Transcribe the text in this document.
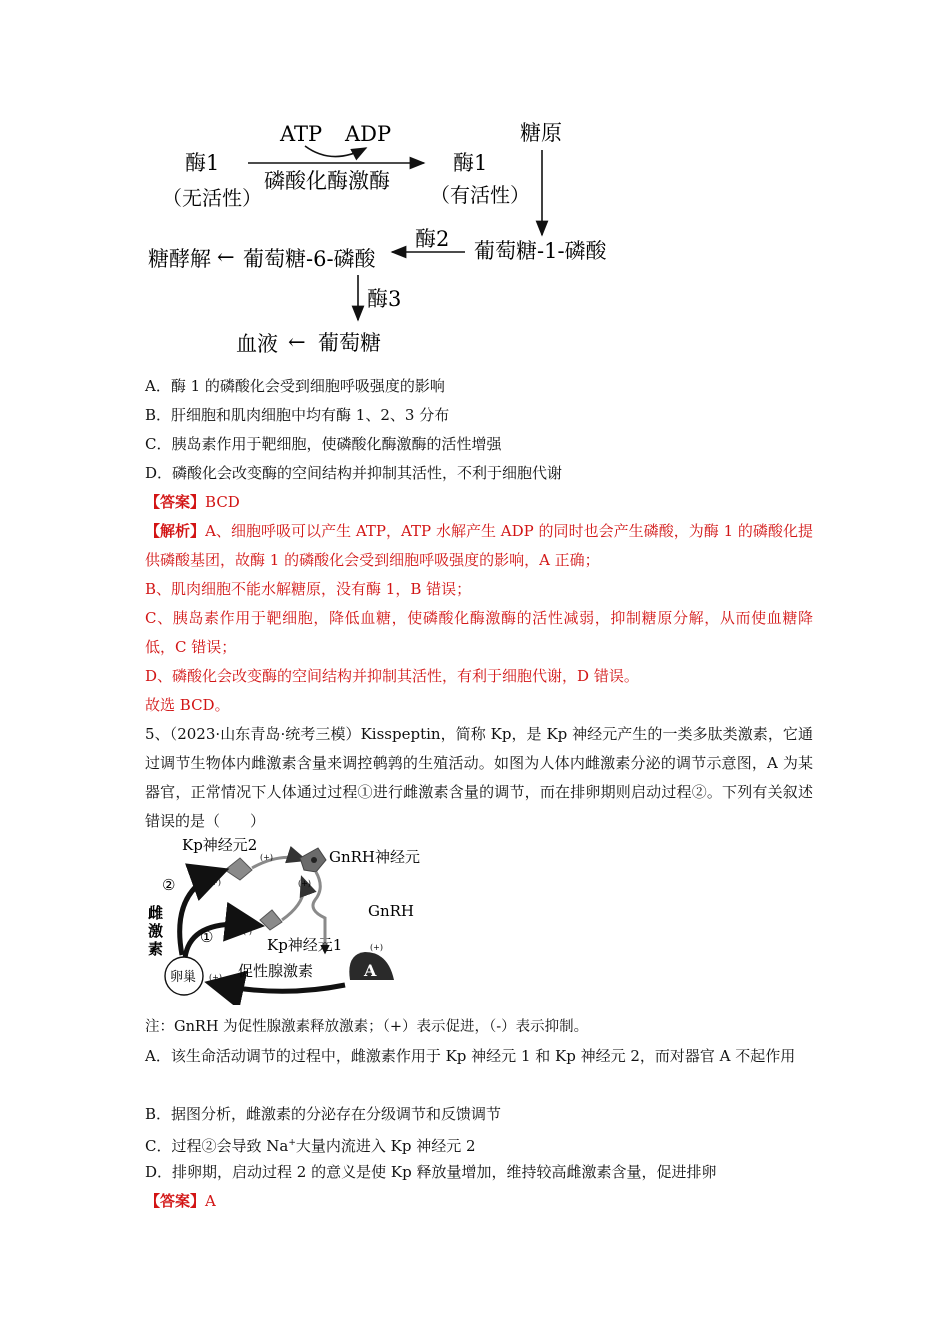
ATP ADP
酶1
（无活性）
磷酸化酶激酶
酶1
（有活性）
糖原
酶2 葡萄糖-1-磷酸
糖酵解 ← 葡萄糖-6-磷酸
酶3
血液 ← 葡萄糖
A．酶 1 的磷酸化会受到细胞呼吸强度的影响
B．肝细胞和肌肉细胞中均有酶 1、2、3 分布
C．胰岛素作用于靶细胞，使磷酸化酶激酶的活性增强
D．磷酸化会改变酶的空间结构并抑制其活性，不利于细胞代谢
【答案】BCD
【解析】A、细胞呼吸可以产生 ATP，ATP 水解产生 ADP 的同时也会产生磷酸，为酶 1 的磷酸化提供磷酸基团，故酶 1 的磷酸化会受到细胞呼吸强度的影响，A 正确；
B、肌肉细胞不能水解糖原，没有酶 1，B 错误；
C、胰岛素作用于靶细胞，降低血糖，使磷酸化酶激酶的活性减弱，抑制糖原分解，从而使血糖降低，C 错误；
D、磷酸化会改变酶的空间结构并抑制其活性，有利于细胞代谢，D 错误。
故选 BCD。
5、（2023·山东青岛·统考三模）Kisspeptin，简称 Kp，是 Kp 神经元产生的一类多肽类激素，它通过调节生物体内雌激素含量来调控鹌鹑的生殖活动。如图为人体内雌激素分泌的调节示意图，A 为某器官，正常情况下人体通过过程①进行雌激素含量的调节，而在排卵期则启动过程②。下列有关叙述错误的是（　　）
Kp神经元2
GnRH神经元
GnRH
Kp神经元1
(+)
(+)	(+)
(-)
(+)
(+)
②
①
雌
激
素
卵巢	A
促性腺激素
注：GnRH 为促性腺激素释放激素；（+）表示促进，（-）表示抑制。
A．该生命活动调节的过程中，雌激素作用于 Kp 神经元 1 和 Kp 神经元 2，而对器官 A 不起作用
B．据图分析，雌激素的分泌存在分级调节和反馈调节
C．过程②会导致 Na+大量内流进入 Kp 神经元 2
D．排卵期，启动过程 2 的意义是使 Kp 释放量增加，维持较高雌激素含量，促进排卵
【答案】A
